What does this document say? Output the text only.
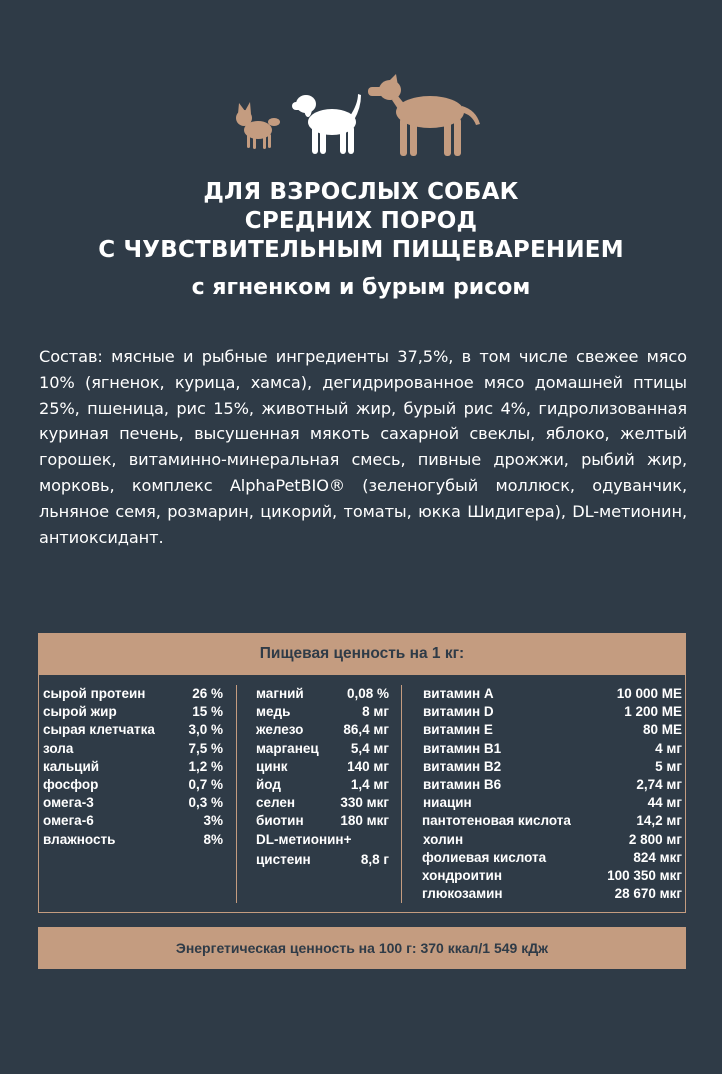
ДЛЯ ВЗРОСЛЫХ СОБАК
СРЕДНИХ ПОРОД
С ЧУВСТВИТЕЛЬНЫМ ПИЩЕВАРЕНИЕМ
с ягненком и бурым рисом
Состав: мясные и рыбные ингредиенты 37,5%, в том числе свежее мясо 10% (ягненок, курица, хамса), дегидрированное мясо домашней птицы 25%, пшеница, рис 15%, животный жир, бурый рис 4%, гидролизованная куриная печень, высушенная мякоть сахарной свеклы, яблоко, желтый горошек, витаминно-минеральная смесь, пивные дрожжи, рыбий жир, морковь, комплекс AlphaPetBIO® (зеленогубый моллюск, одуванчик, льняное семя, розмарин, цикорий, томаты, юкка Шидигера), DL-метионин, антиоксидант.
Пищевая ценность на 1 кг:
сырой протеин	26 %
сырой жир	15 %
сырая клетчатка 3,0 %
зола	7,5 %
кальций	1,2 %
фосфор	0,7 %
омега-3	0,3 %
омега-6	3%
влажность	8%
магний	0,08 %
медь	8 мг
железо	86,4 мг
марганец 5,4 мг
цинк	140 мг
йод	1,4 мг
селен	330 мкг
биотин	180 мкг
DL-метионин+
цистеин	8,8 г
витамин А	10 000 МЕ
витамин D	1 200 МЕ
витамин Е	80 МЕ
витамин В1	4 мг
витамин В2	5 мг
витамин В6	2,74 мг
ниацин	44 мг
пантотеновая кислота	14,2 мг
холин	2 800 мг
фолиевая кислота	824 мкг
хондроитин	100 350 мкг
глюкозамин	28 670 мкг
Энергетическая ценность на 100 г: 370 ккал/1 549 кДж
